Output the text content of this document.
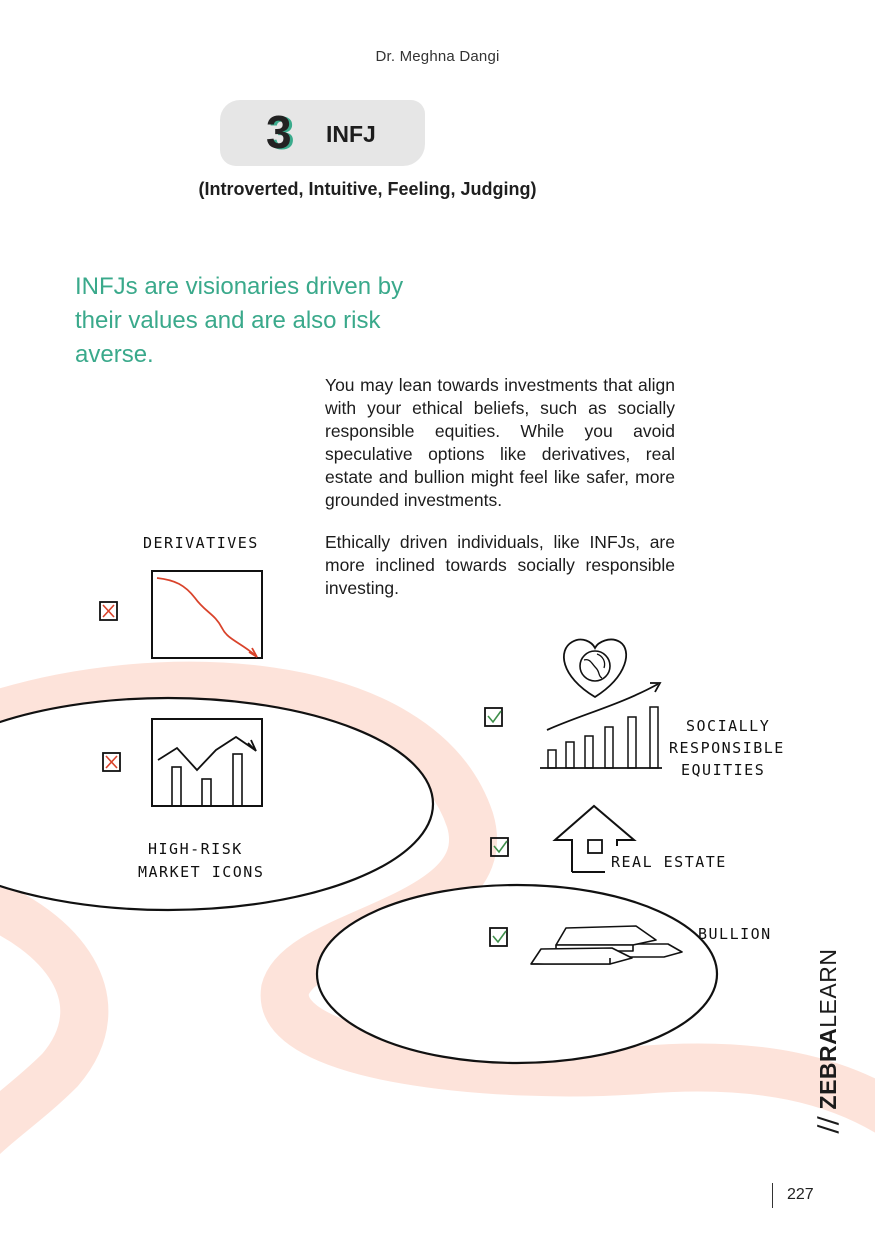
DERIVATIVES
HIGH-RISK
MARKET ICONS
SOCIALLY
RESPONSIBLE
EQUITIES
REAL ESTATE
BULLION
Dr. Meghna Dangi
3 INFJ
(Introverted, Intuitive, Feeling, Judging)
INFJs are visionaries driven by their values and are also risk averse.

You may lean towards investments that align with your ethical beliefs, such as socially responsible equities. While you avoid speculative options like derivatives, real estate and bullion might feel like safer, more grounded investments.

Ethically driven individuals, like INFJs, are more inclined towards socially responsible investing.

⧸⧸ ZEBRALEARN
227
